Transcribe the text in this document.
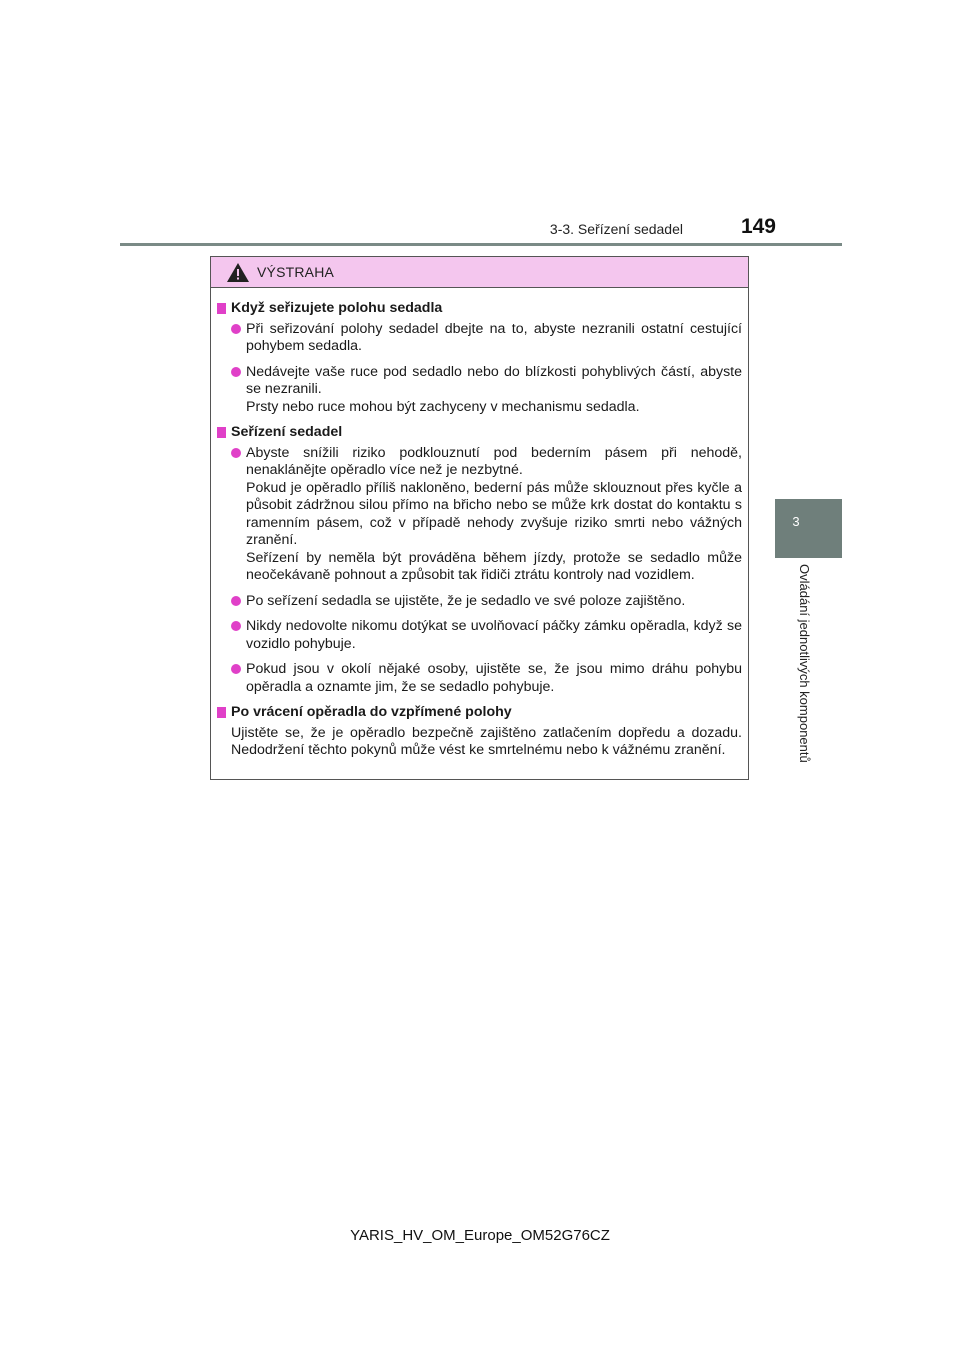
3-3. Seřízení sedadel	149
3
Ovládání jednotlivých komponentů
VÝSTRAHA
Když seřizujete polohu sedadla
Při seřizování polohy sedadel dbejte na to, abyste nezranili ostatní cestující pohybem sedadla.
Nedávejte vaše ruce pod sedadlo nebo do blízkosti pohyblivých částí, abyste se nezranili.
Prsty nebo ruce mohou být zachyceny v mechanismu sedadla.
Seřízení sedadel
Abyste snížili riziko podklouznutí pod bederním pásem při nehodě, nenaklánějte opěradlo více než je nezbytné.
Pokud je opěradlo příliš nakloněno, bederní pás může sklouznout přes kyčle a působit zádržnou silou přímo na břicho nebo se může krk dostat do kontaktu s ramenním pásem, což v případě nehody zvyšuje riziko smrti nebo vážných zranění.
Seřízení by neměla být prováděna během jízdy, protože se sedadlo může neočekávaně pohnout a způsobit tak řidiči ztrátu kontroly nad vozidlem.
Po seřízení sedadla se ujistěte, že je sedadlo ve své poloze zajištěno.
Nikdy nedovolte nikomu dotýkat se uvolňovací páčky zámku opěradla, když se vozidlo pohybuje.
Pokud jsou v okolí nějaké osoby, ujistěte se, že jsou mimo dráhu pohybu opěradla a oznamte jim, že se sedadlo pohybuje.
Po vrácení opěradla do vzpřímené polohy
Ujistěte se, že je opěradlo bezpečně zajištěno zatlačením dopředu a dozadu. Nedodržení těchto pokynů může vést ke smrtelnému nebo k vážnému zranění.
YARIS_HV_OM_Europe_OM52G76CZ
